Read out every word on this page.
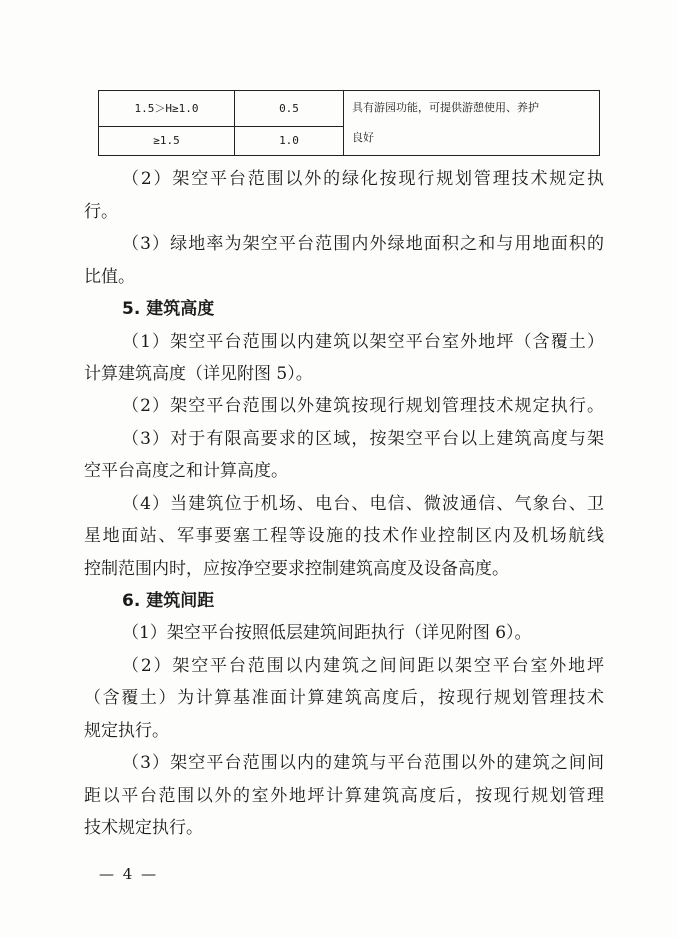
1.5＞H≥1.0	0.5	具有游园功能，可提供游憩使用、养护
良好

≥1.5	1.0	
（2）架空平台范围以外的绿化按现行规划管理技术规定执
行。
（3）绿地率为架空平台范围内外绿地面积之和与用地面积的
比值。
5. 建筑高度
（1）架空平台范围以内建筑以架空平台室外地坪（含覆土）
计算建筑高度（详见附图 5）。
（2）架空平台范围以外建筑按现行规划管理技术规定执行。
（3）对于有限高要求的区域，按架空平台以上建筑高度与架
空平台高度之和计算高度。
（4）当建筑位于机场、电台、电信、微波通信、气象台、卫
星地面站、军事要塞工程等设施的技术作业控制区内及机场航线
控制范围内时，应按净空要求控制建筑高度及设备高度。
6. 建筑间距
（1）架空平台按照低层建筑间距执行（详见附图 6）。
（2）架空平台范围以内建筑之间间距以架空平台室外地坪
（含覆土）为计算基准面计算建筑高度后，按现行规划管理技术
规定执行。
（3）架空平台范围以内的建筑与平台范围以外的建筑之间间
距以平台范围以外的室外地坪计算建筑高度后，按现行规划管理
技术规定执行。
— 4 —
